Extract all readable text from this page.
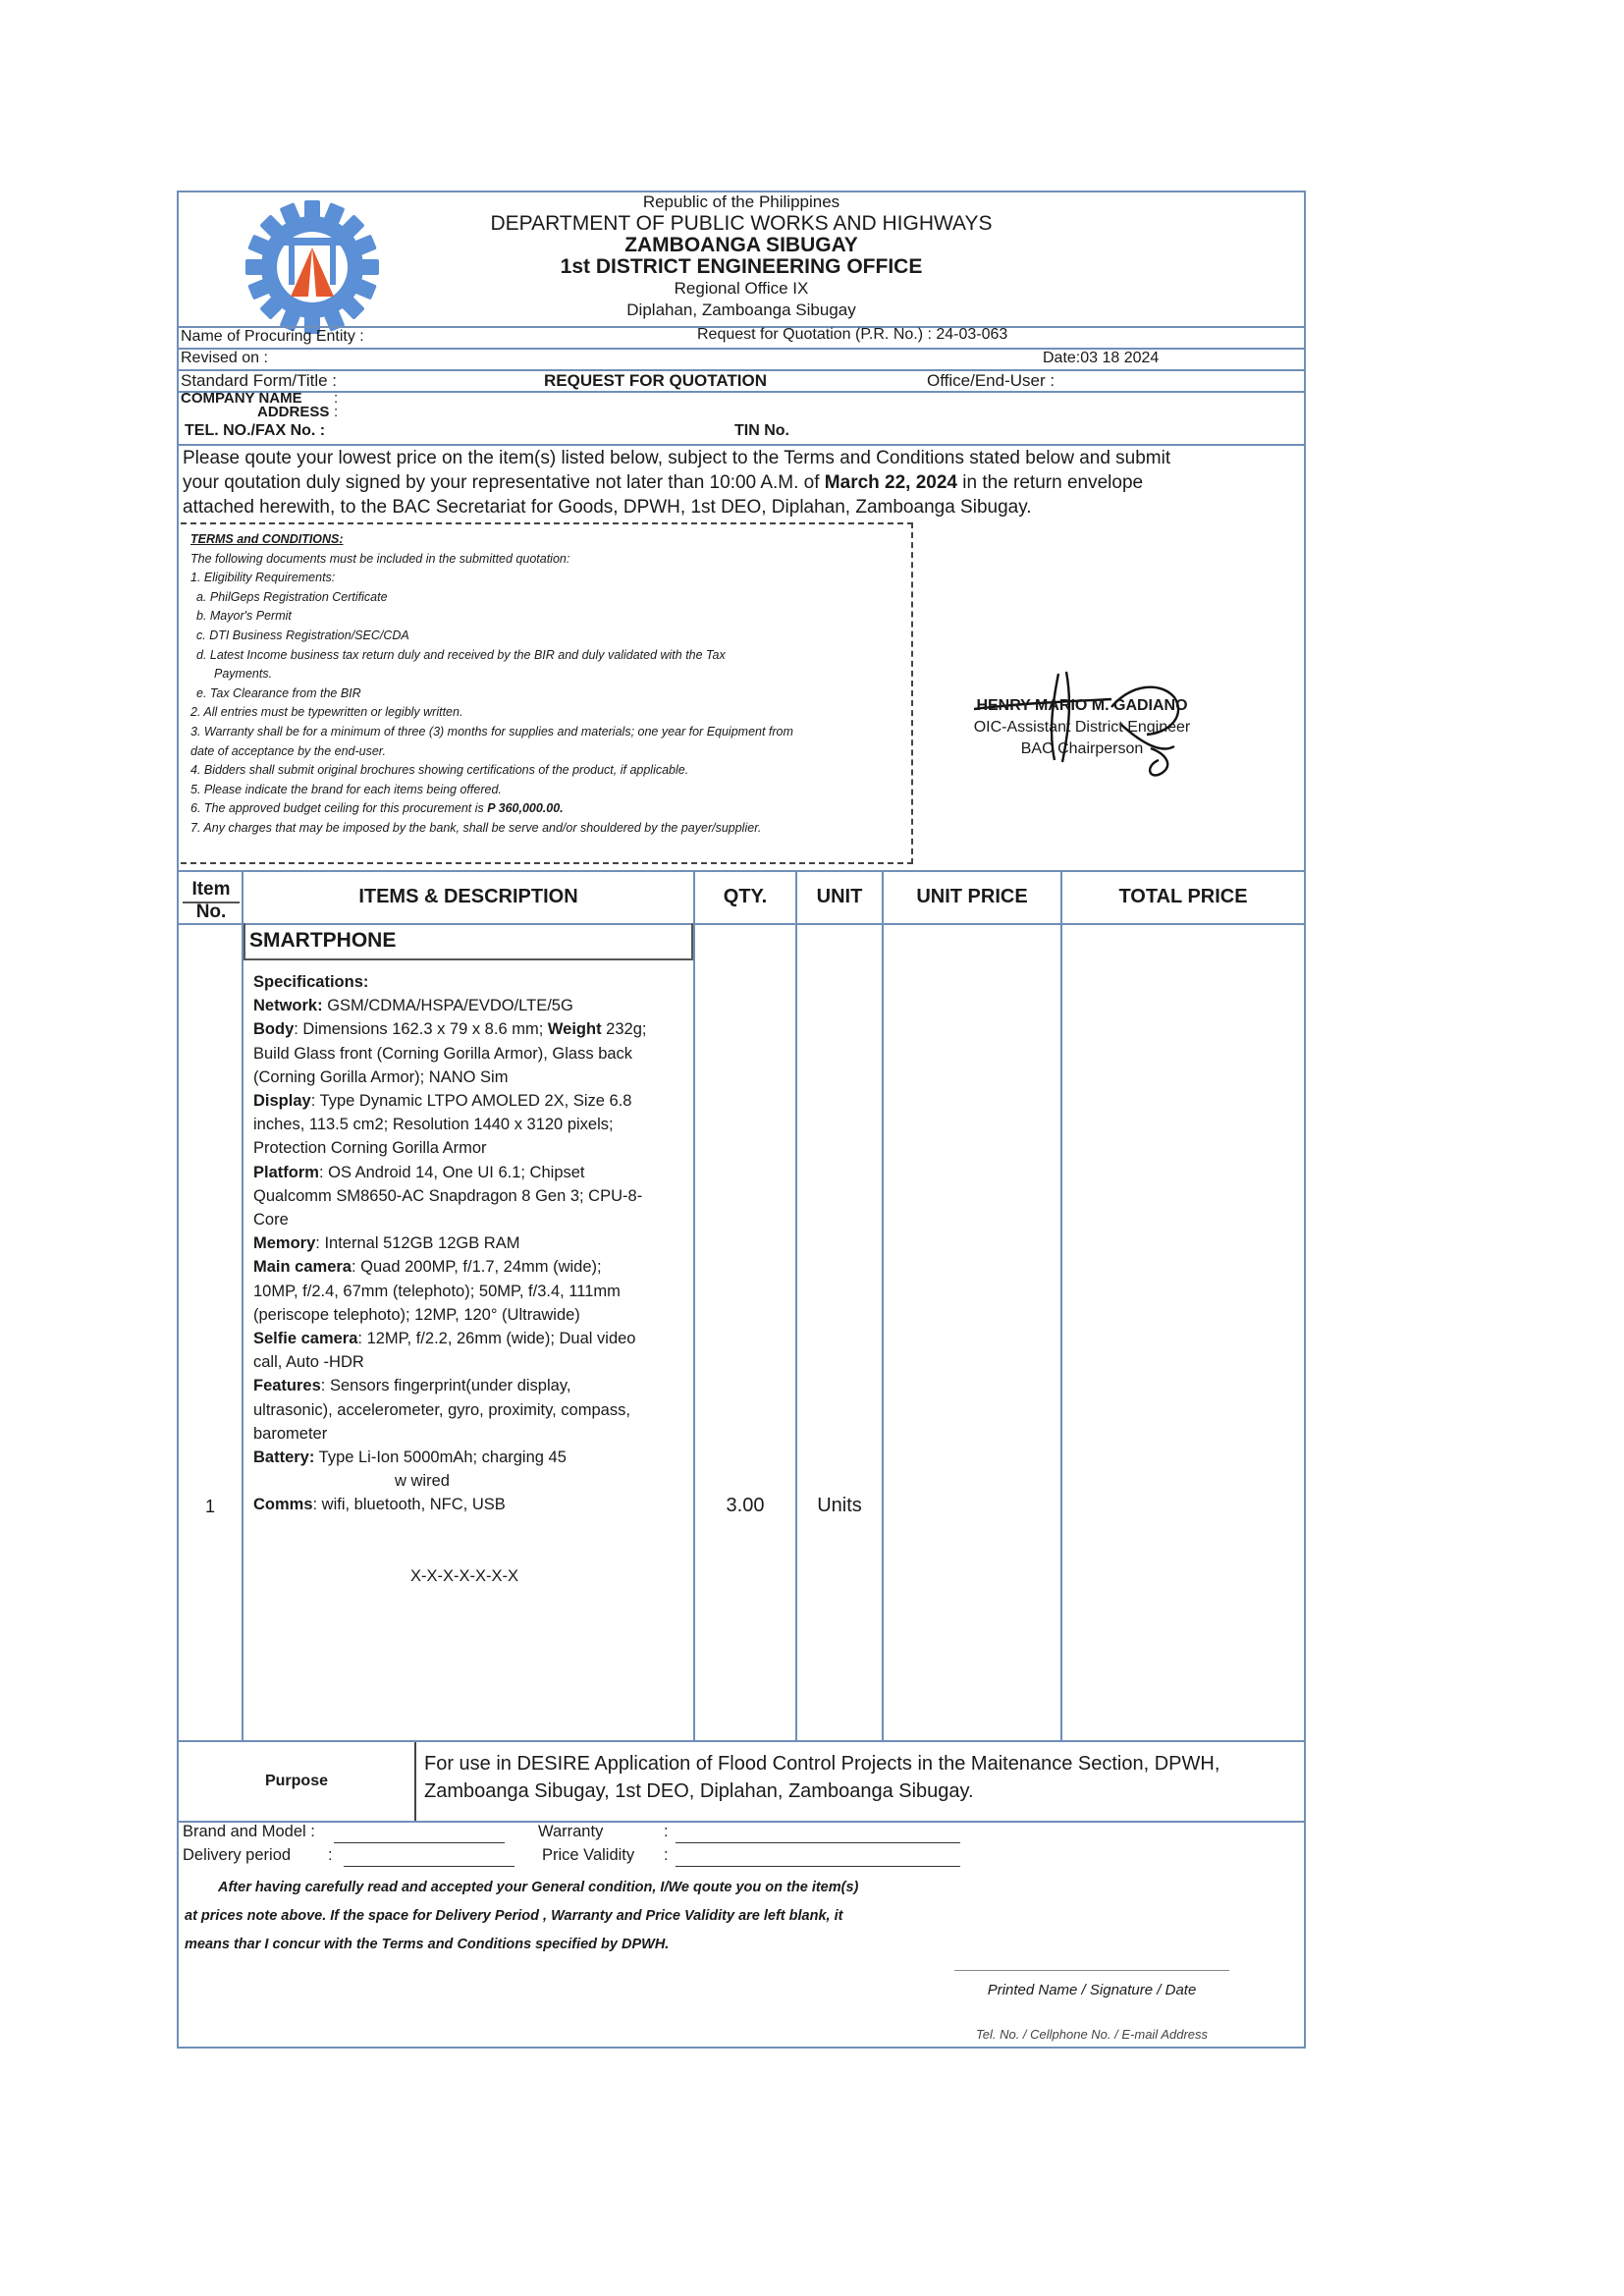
Republic of the Philippines
DEPARTMENT OF PUBLIC WORKS AND HIGHWAYS
ZAMBOANGA SIBUGAY
1st DISTRICT ENGINEERING OFFICE
Regional Office IX
Diplahan, Zamboanga Sibugay
Name of Procuring Entity :	Request for Quotation (P.R. No.) : 24-03-063
Revised on :	Date:03 18 2024
Standard Form/Title :	REQUEST FOR QUOTATION	Office/End-User :
COMPANY NAME :
ADDRESS :
TEL. NO./FAX No. :	TIN No.
Please qoute your lowest price on the item(s) listed below, subject to the Terms and Conditions stated below and submit
your qoutation duly signed by your representative not later than 10:00 A.M. of March 22, 2024 in the return envelope
attached herewith, to the BAC Secretariat for Goods, DPWH, 1st DEO, Diplahan, Zamboanga Sibugay.
TERMS and CONDITIONS:
The following documents must be included in the submitted quotation:
1. Eligibility Requirements:
a. PhilGeps Registration Certificate
b. Mayor's Permit
c. DTI Business Registration/SEC/CDA
d. Latest Income business tax return duly and received by the BIR and duly validated with the Tax
Payments.
e. Tax Clearance from the BIR
2. All entries must be typewritten or legibly written.
3. Warranty shall be for a minimum of three (3) months for supplies and materials; one year for Equipment from
date of acceptance by the end-user.
4. Bidders shall submit original brochures showing certifications of the product, if applicable.
5. Please indicate the brand for each items being offered.
6. The approved budget ceiling for this procurement is P 360,000.00.
7. Any charges that may be imposed by the bank, shall be serve and/or shouldered by the payer/supplier.
HENRY MARIO M. GADIANO
OIC-Assistant District Engineer
BAC Chairperson
Item
No.
ITEMS & DESCRIPTION	QTY.	UNIT	UNIT PRICE	TOTAL PRICE
SMARTPHONE
Specifications:
Network: GSM/CDMA/HSPA/EVDO/LTE/5G
Body: Dimensions 162.3 x 79 x 8.6 mm; Weight 232g;
Build Glass front (Corning Gorilla Armor), Glass back
(Corning Gorilla Armor); NANO Sim
Display: Type Dynamic LTPO AMOLED 2X, Size 6.8
inches, 113.5 cm2; Resolution 1440 x 3120 pixels;
Protection Corning Gorilla Armor
Platform: OS Android 14, One UI 6.1; Chipset
Qualcomm SM8650-AC Snapdragon 8 Gen 3; CPU-8-
Core
Memory: Internal 512GB 12GB RAM
Main camera: Quad 200MP, f/1.7, 24mm (wide);
10MP, f/2.4, 67mm (telephoto); 50MP, f/3.4, 111mm
(periscope telephoto); 12MP, 120° (Ultrawide)
Selfie camera: 12MP, f/2.2, 26mm (wide); Dual video
call, Auto -HDR
Features: Sensors fingerprint(under display,
ultrasonic), accelerometer, gyro, proximity, compass,
barometer
Battery: Type Li-Ion 5000mAh; charging 45
w wired
Comms: wifi, bluetooth, NFC, USB
X-X-X-X-X-X-X
1	3.00	Units
Purpose
For use in DESIRE Application of Flood Control Projects in the Maitenance Section, DPWH,
Zamboanga Sibugay, 1st DEO, Diplahan, Zamboanga Sibugay.
Brand and Model :	Warranty	:
Delivery period :	Price Validity :
After having carefully read and accepted your General condition, I/We qoute you on the item(s)
at prices note above. If the space for Delivery Period , Warranty and Price Validity are left blank, it
means thar I concur with the Terms and Conditions specified by DPWH.
Printed Name / Signature / Date
Tel. No. / Cellphone No. / E-mail Address
